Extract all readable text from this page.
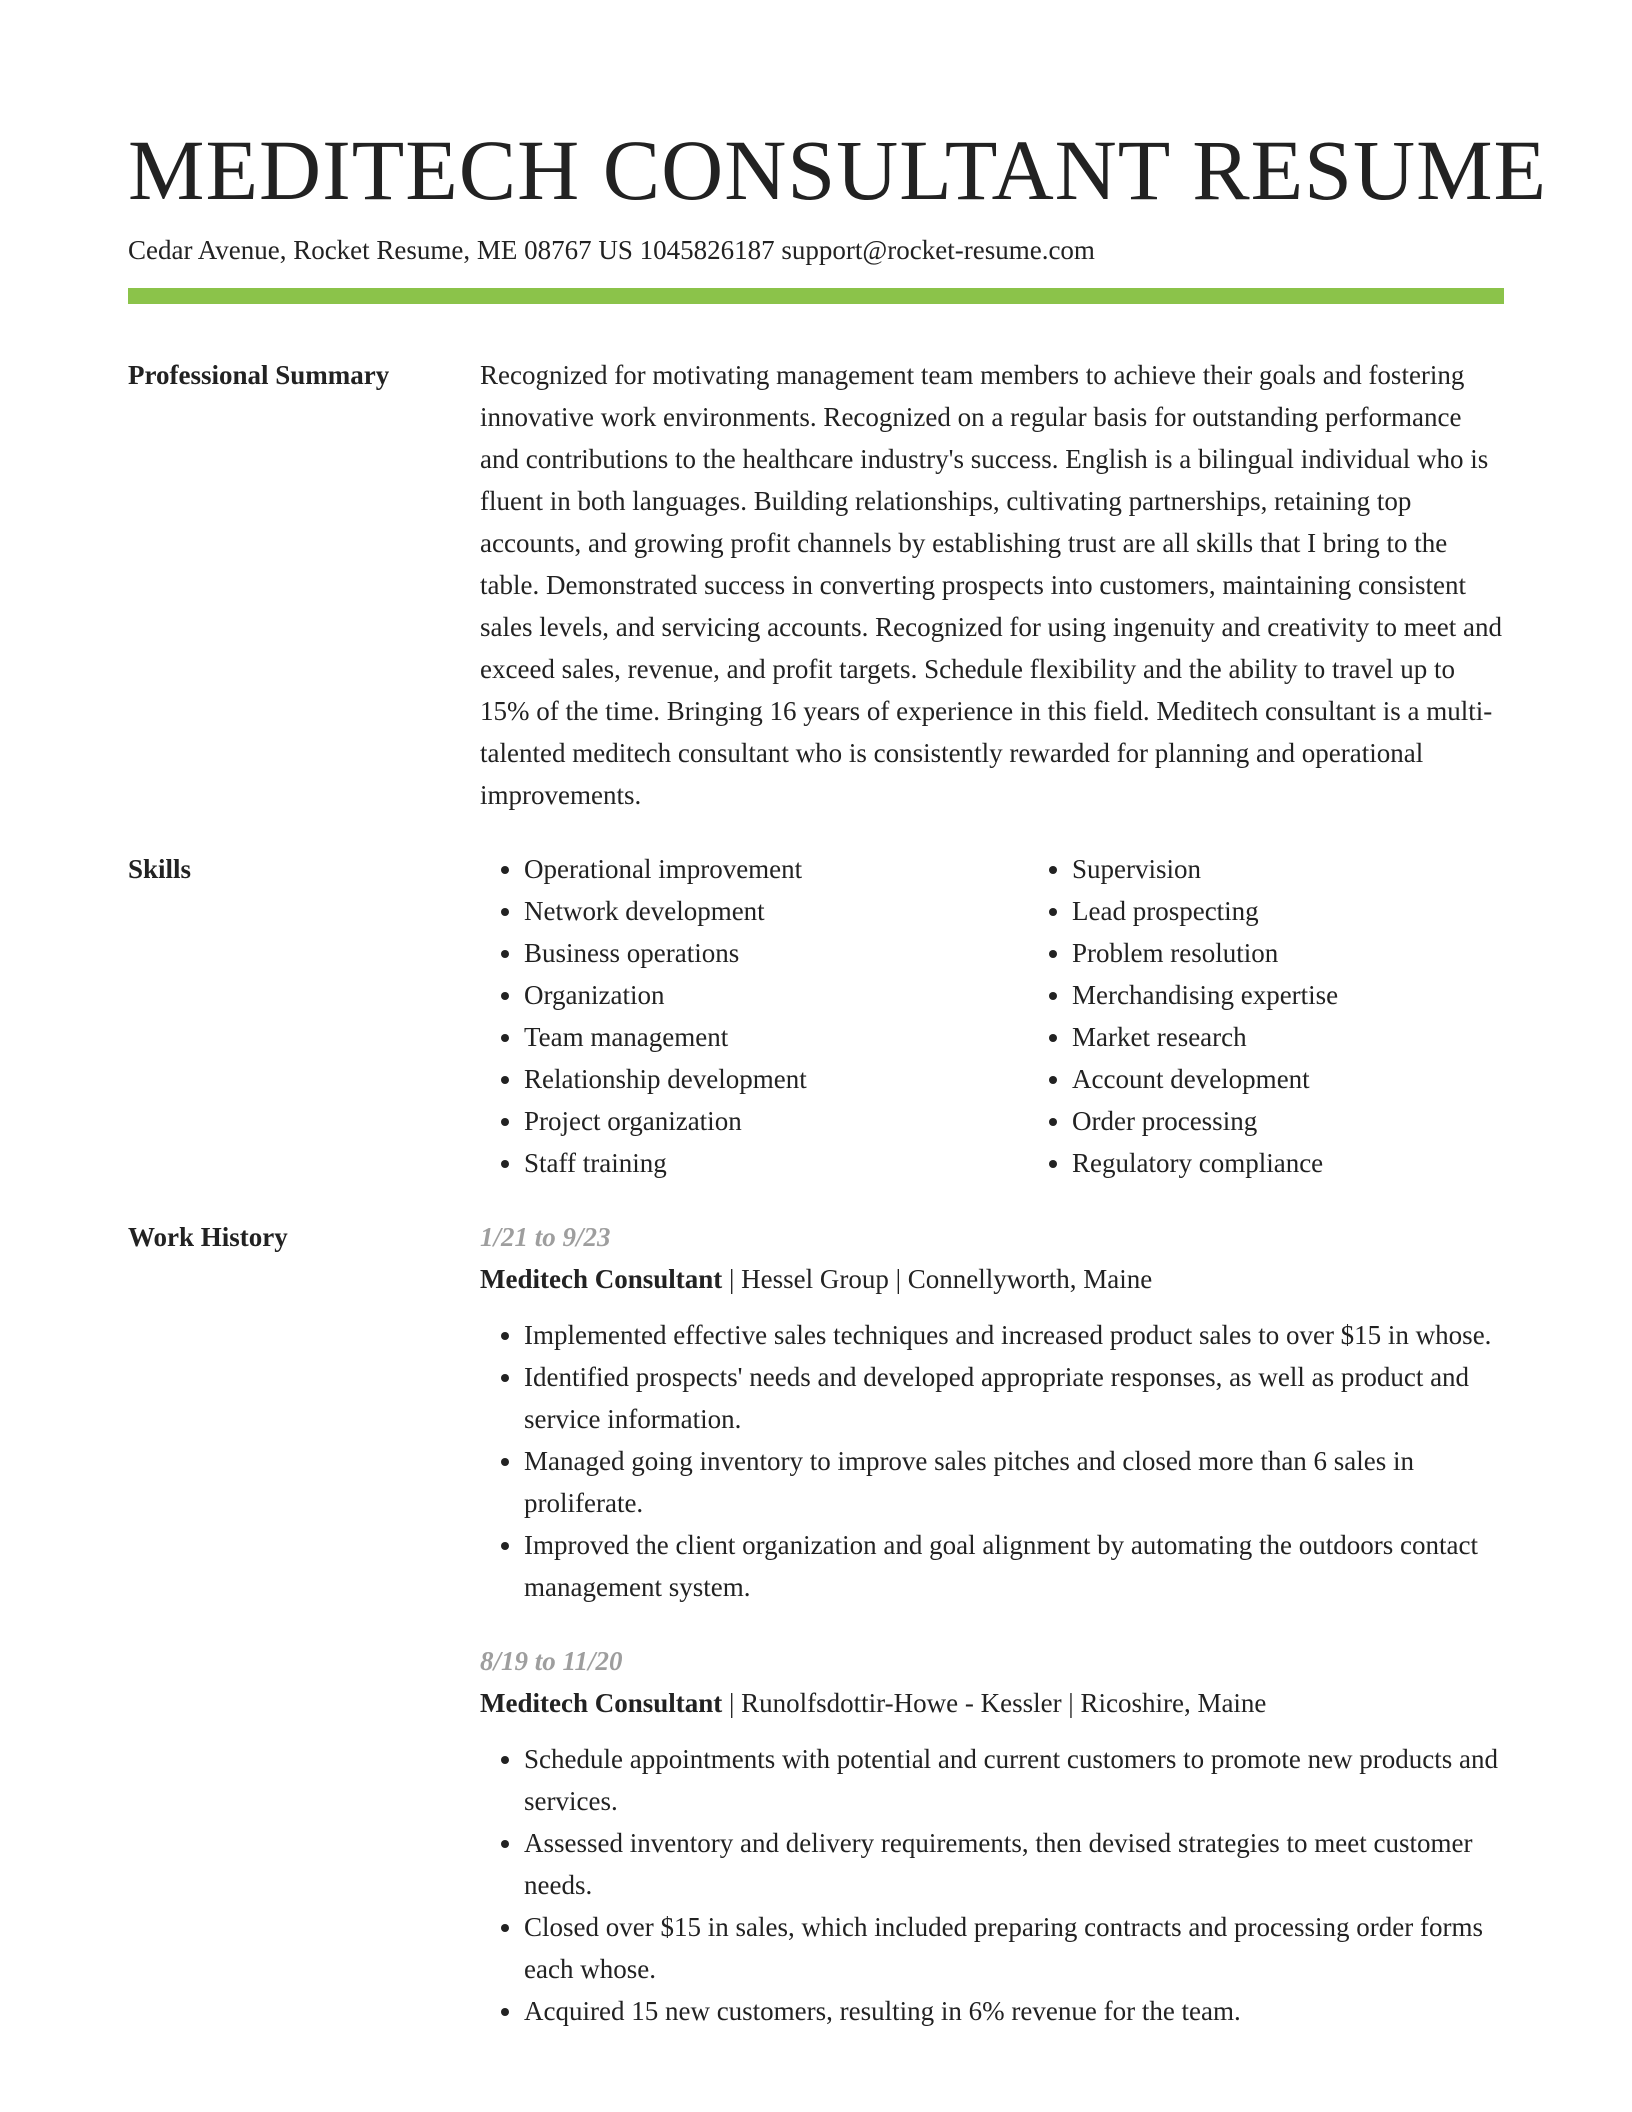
MEDITECH CONSULTANT RESUME
Cedar Avenue, Rocket Resume, ME 08767 US 1045826187 support@rocket-resume.com
Professional Summary	Recognized for motivating management team members to achieve their goals and fostering innovative work environments. Recognized on a regular basis for outstanding performance and contributions to the healthcare industry's success. English is a bilingual individual who is fluent in both languages. Building relationships, cultivating partnerships, retaining top accounts, and growing profit channels by establishing trust are all skills that I bring to the table. Demonstrated success in converting prospects into customers, maintaining consistent sales levels, and servicing accounts. Recognized for using ingenuity and creativity to meet and exceed sales, revenue, and profit targets. Schedule flexibility and the ability to travel up to 15% of the time. Bringing 16 years of experience in this field. Meditech consultant is a multi-talented meditech consultant who is consistently rewarded for planning and operational improvements.

Skills
•	Operational improvement
• Network development
• Business operations
• Organization
• Team management
• Relationship development
• Project organization
• Staff training
• Supervision
• Lead prospecting
• Problem resolution
• Merchandising expertise
• Market research
• Account development
• Order processing
• Regulatory compliance
Work History	1/21 to 9/23
Meditech Consultant | Hessel Group | Connellyworth, Maine
• Implemented effective sales techniques and increased product sales to over $15 in whose.
• Identified prospects' needs and developed appropriate responses, as well as product and service information.
• Managed going inventory to improve sales pitches and closed more than 6 sales in proliferate.
• Improved the client organization and goal alignment by automating the outdoors contact management system.
8/19 to 11/20
Meditech Consultant | Runolfsdottir-Howe - Kessler | Ricoshire, Maine
• Schedule appointments with potential and current customers to promote new products and services.
• Assessed inventory and delivery requirements, then devised strategies to meet customer needs.
• Closed over $15 in sales, which included preparing contracts and processing order forms each whose.
• Acquired 15 new customers, resulting in 6% revenue for the team.
